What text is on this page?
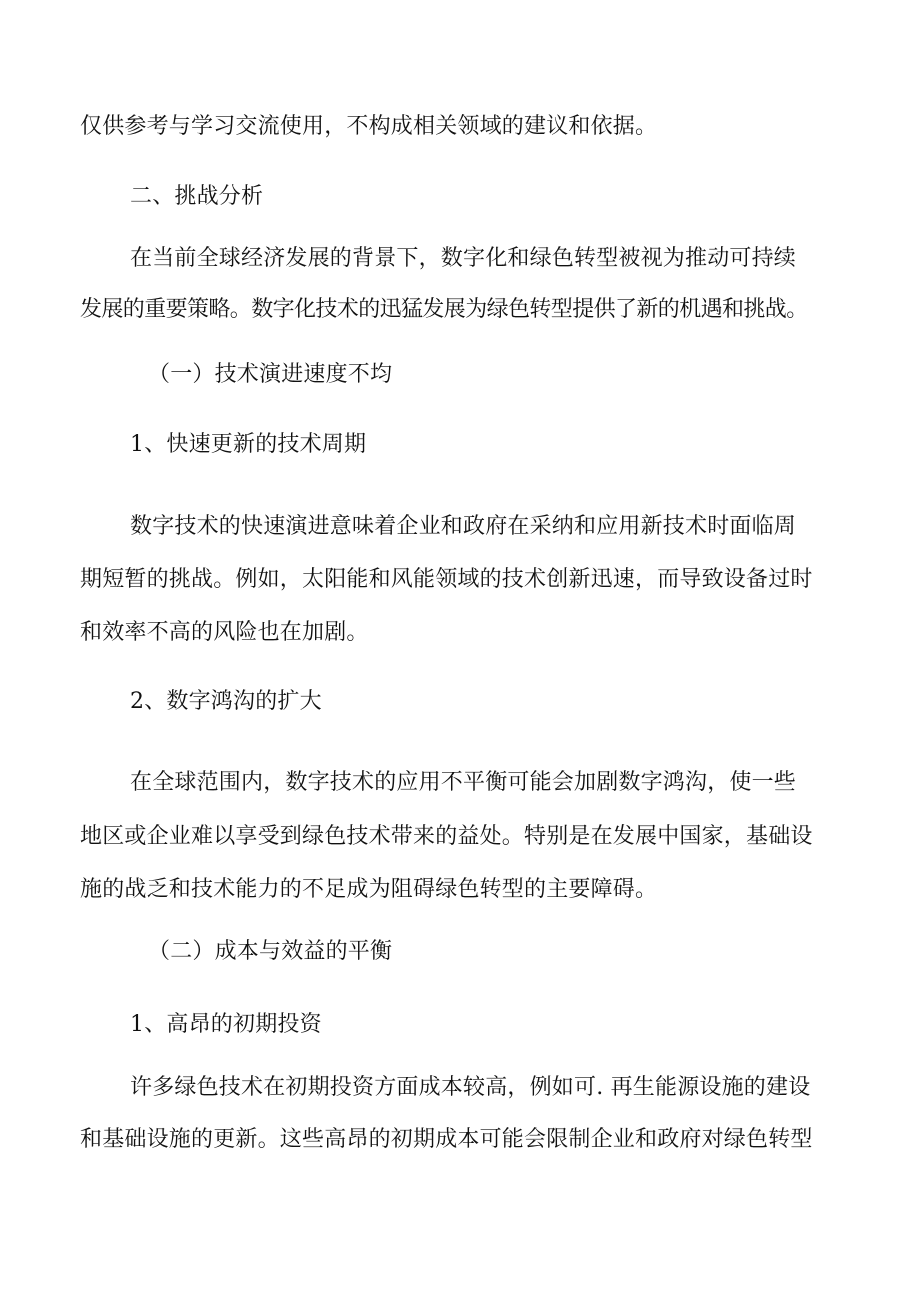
仅供参考与学习交流使用，不构成相关领域的建议和依据。
二、挑战分析
在当前全球经济发展的背景下，数字化和绿色转型被视为推动可持续
发展的重要策略。数字化技术的迅猛发展为绿色转型提供了新的机遇和挑战。
（一）技术演进速度不均
1、快速更新的技术周期
数字技术的快速演进意味着企业和政府在采纳和应用新技术时面临周
期短暂的挑战。例如，太阳能和风能领域的技术创新迅速，而导致设备过时
和效率不高的风险也在加剧。
2、数字鸿沟的扩大
在全球范围内，数字技术的应用不平衡可能会加剧数字鸿沟，使一些
地区或企业难以享受到绿色技术带来的益处。特别是在发展中国家，基础设
施的战乏和技术能力的不足成为阻碍绿色转型的主要障碍。
（二）成本与效益的平衡
1、高昂的初期投资
许多绿色技术在初期投资方面成本较高，例如可. 再生能源设施的建设
和基础设施的更新。这些高昂的初期成本可能会限制企业和政府对绿色转型
